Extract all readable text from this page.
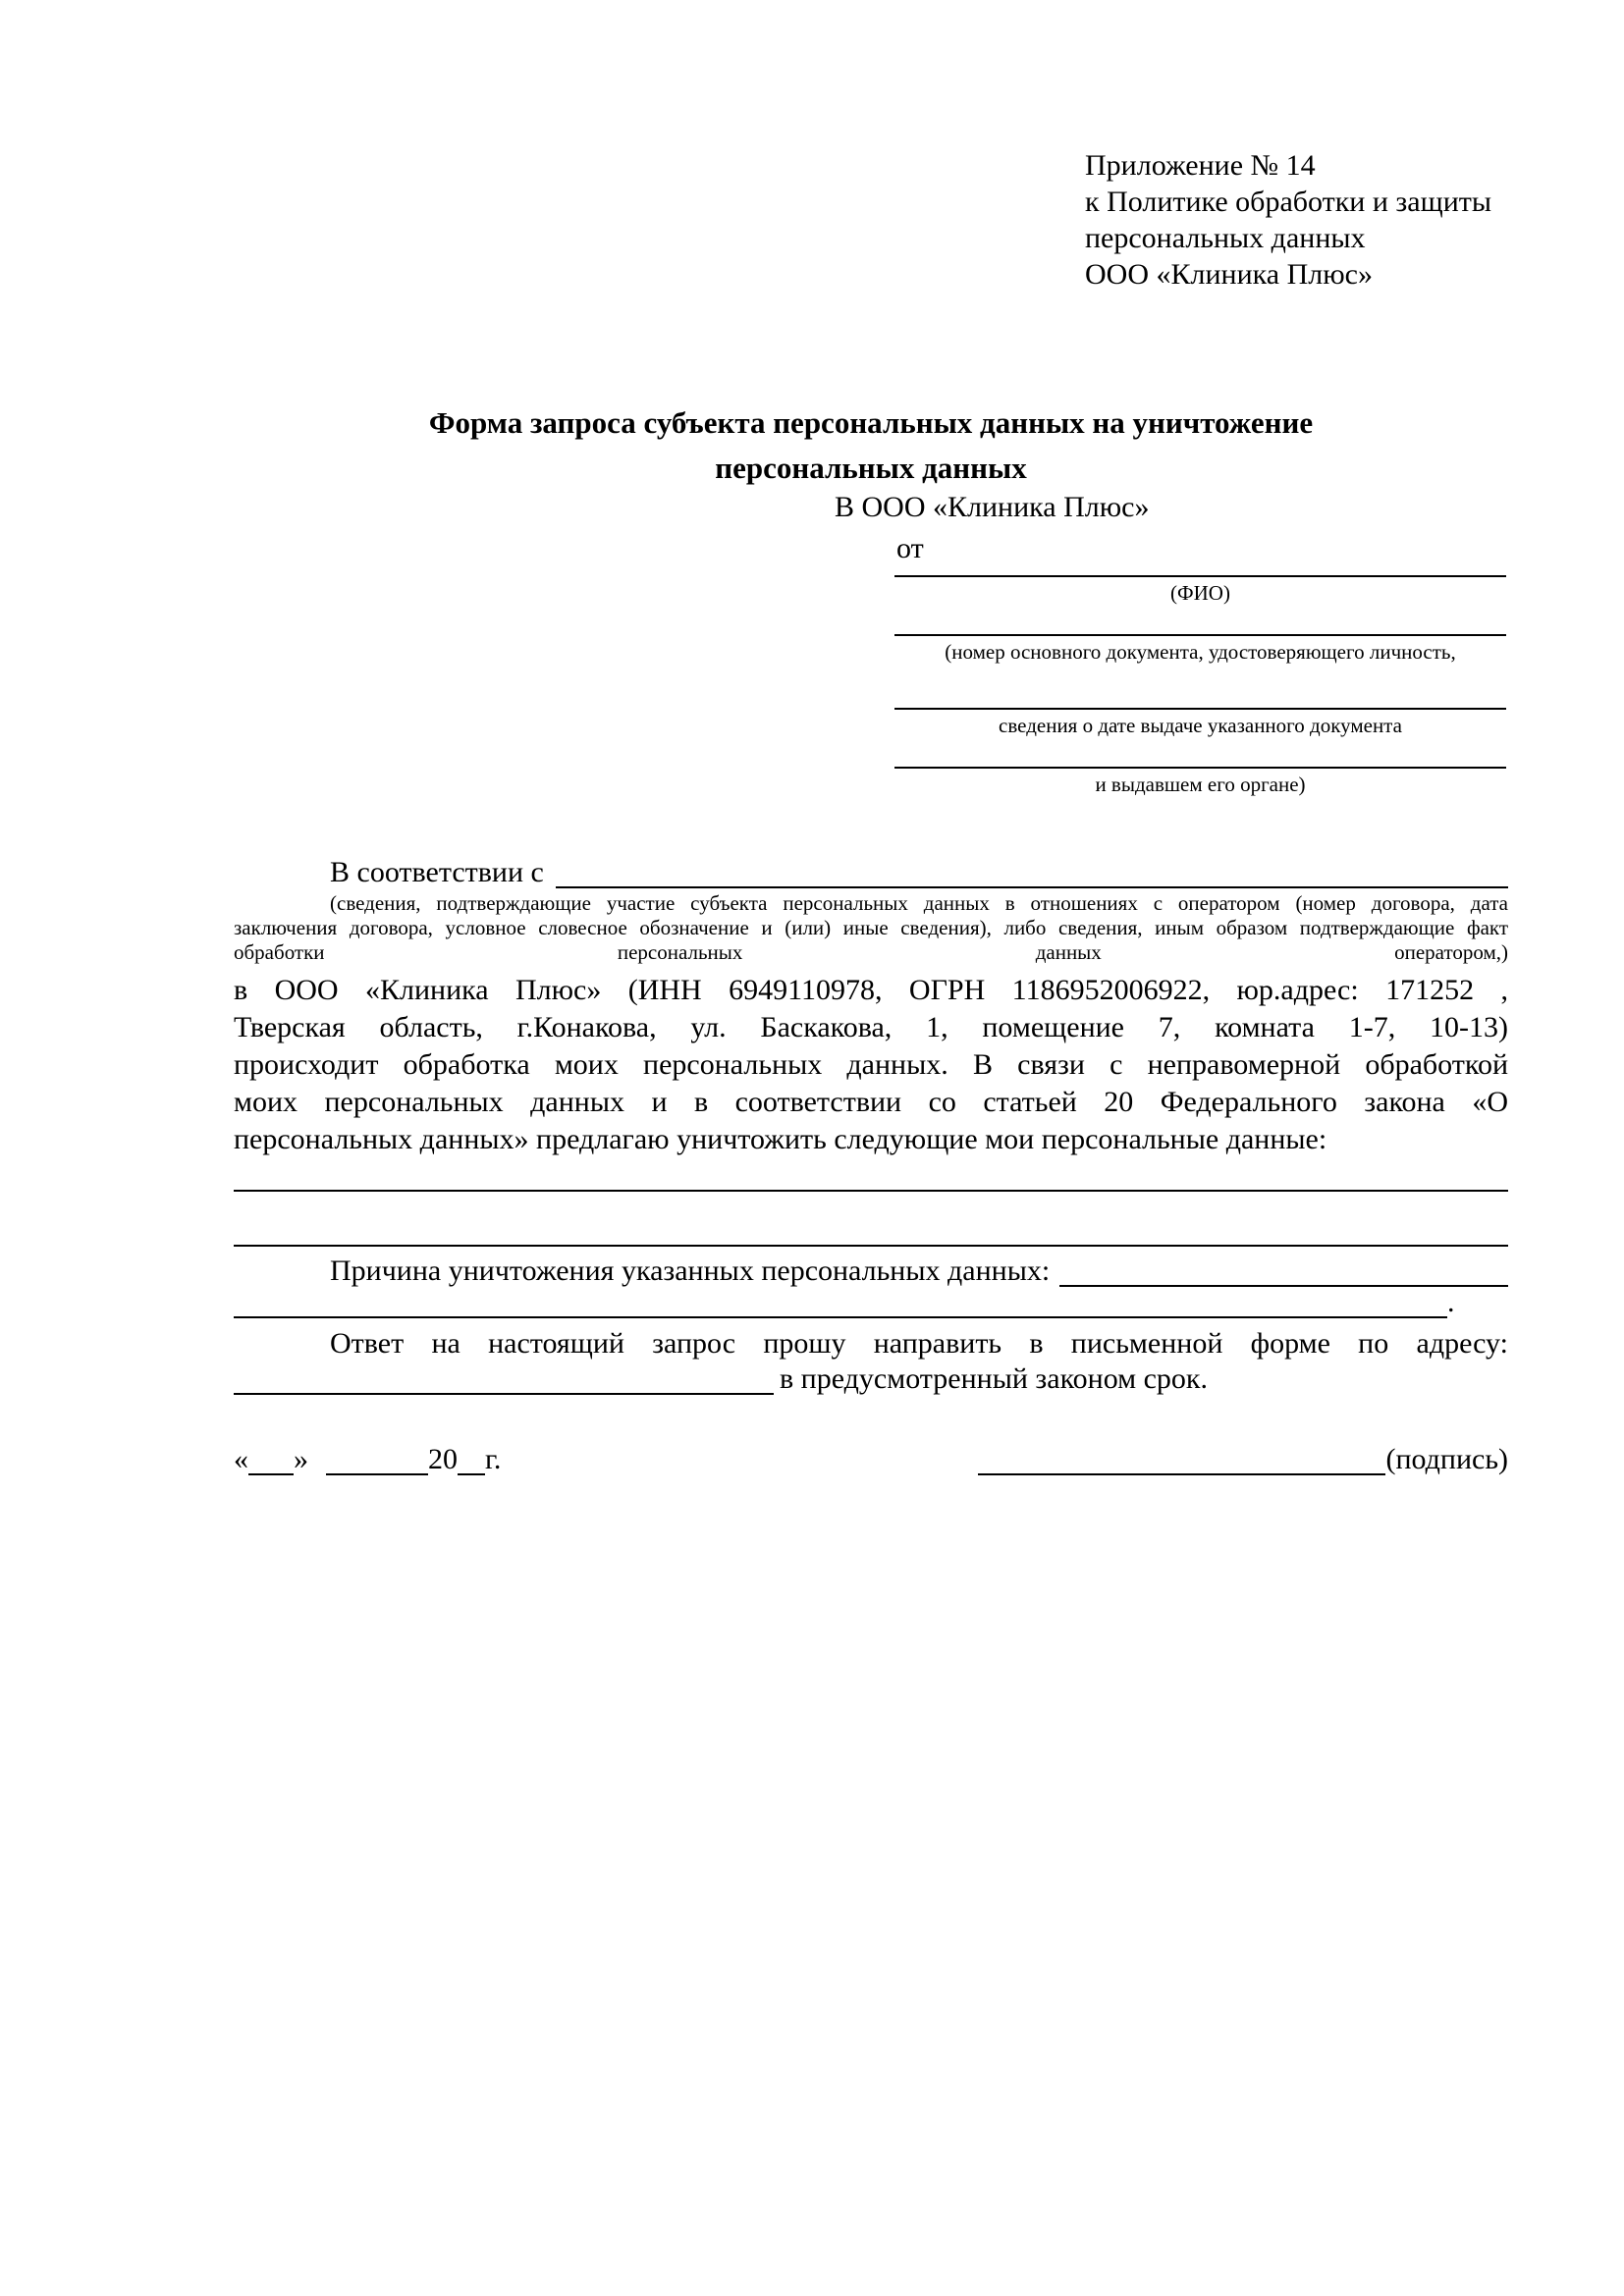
Приложение № 14
к Политике обработки и защиты
персональных данных
ООО «Клиника Плюс»
Форма запроса субъекта персональных данных на уничтожение
персональных данных
В ООО «Клиника Плюс»
от
(ФИО)
(номер основного документа, удостоверяющего личность,
сведения о дате выдаче указанного документа
и выдавшем его органе)
В соответствии с
(сведения, подтверждающие участие субъекта персональных данных в отношениях с оператором (номер договора, дата
заключения договора, условное словесное обозначение и (или) иные сведения), либо сведения, иным образом подтверждающие факт
обработки персональных данных оператором,)
в ООО «Клиника Плюс» (ИНН 6949110978, ОГРН 1186952006922, юр.адрес: 171252 ,
Тверская область, г.Конакова, ул. Баскакова, 1, помещение 7, комната 1-7, 10-13)
происходит обработка моих персональных данных. В связи с неправомерной обработкой
моих персональных данных и в соответствии со статьей 20 Федерального закона «О
персональных данных» предлагаю уничтожить следующие мои персональные данные:
Причина уничтожения указанных персональных данных:
.
Ответ на настоящий запрос прошу направить в письменной форме по адресу:
в предусмотренный законом срок.
« »	20 г.	(подпись)
